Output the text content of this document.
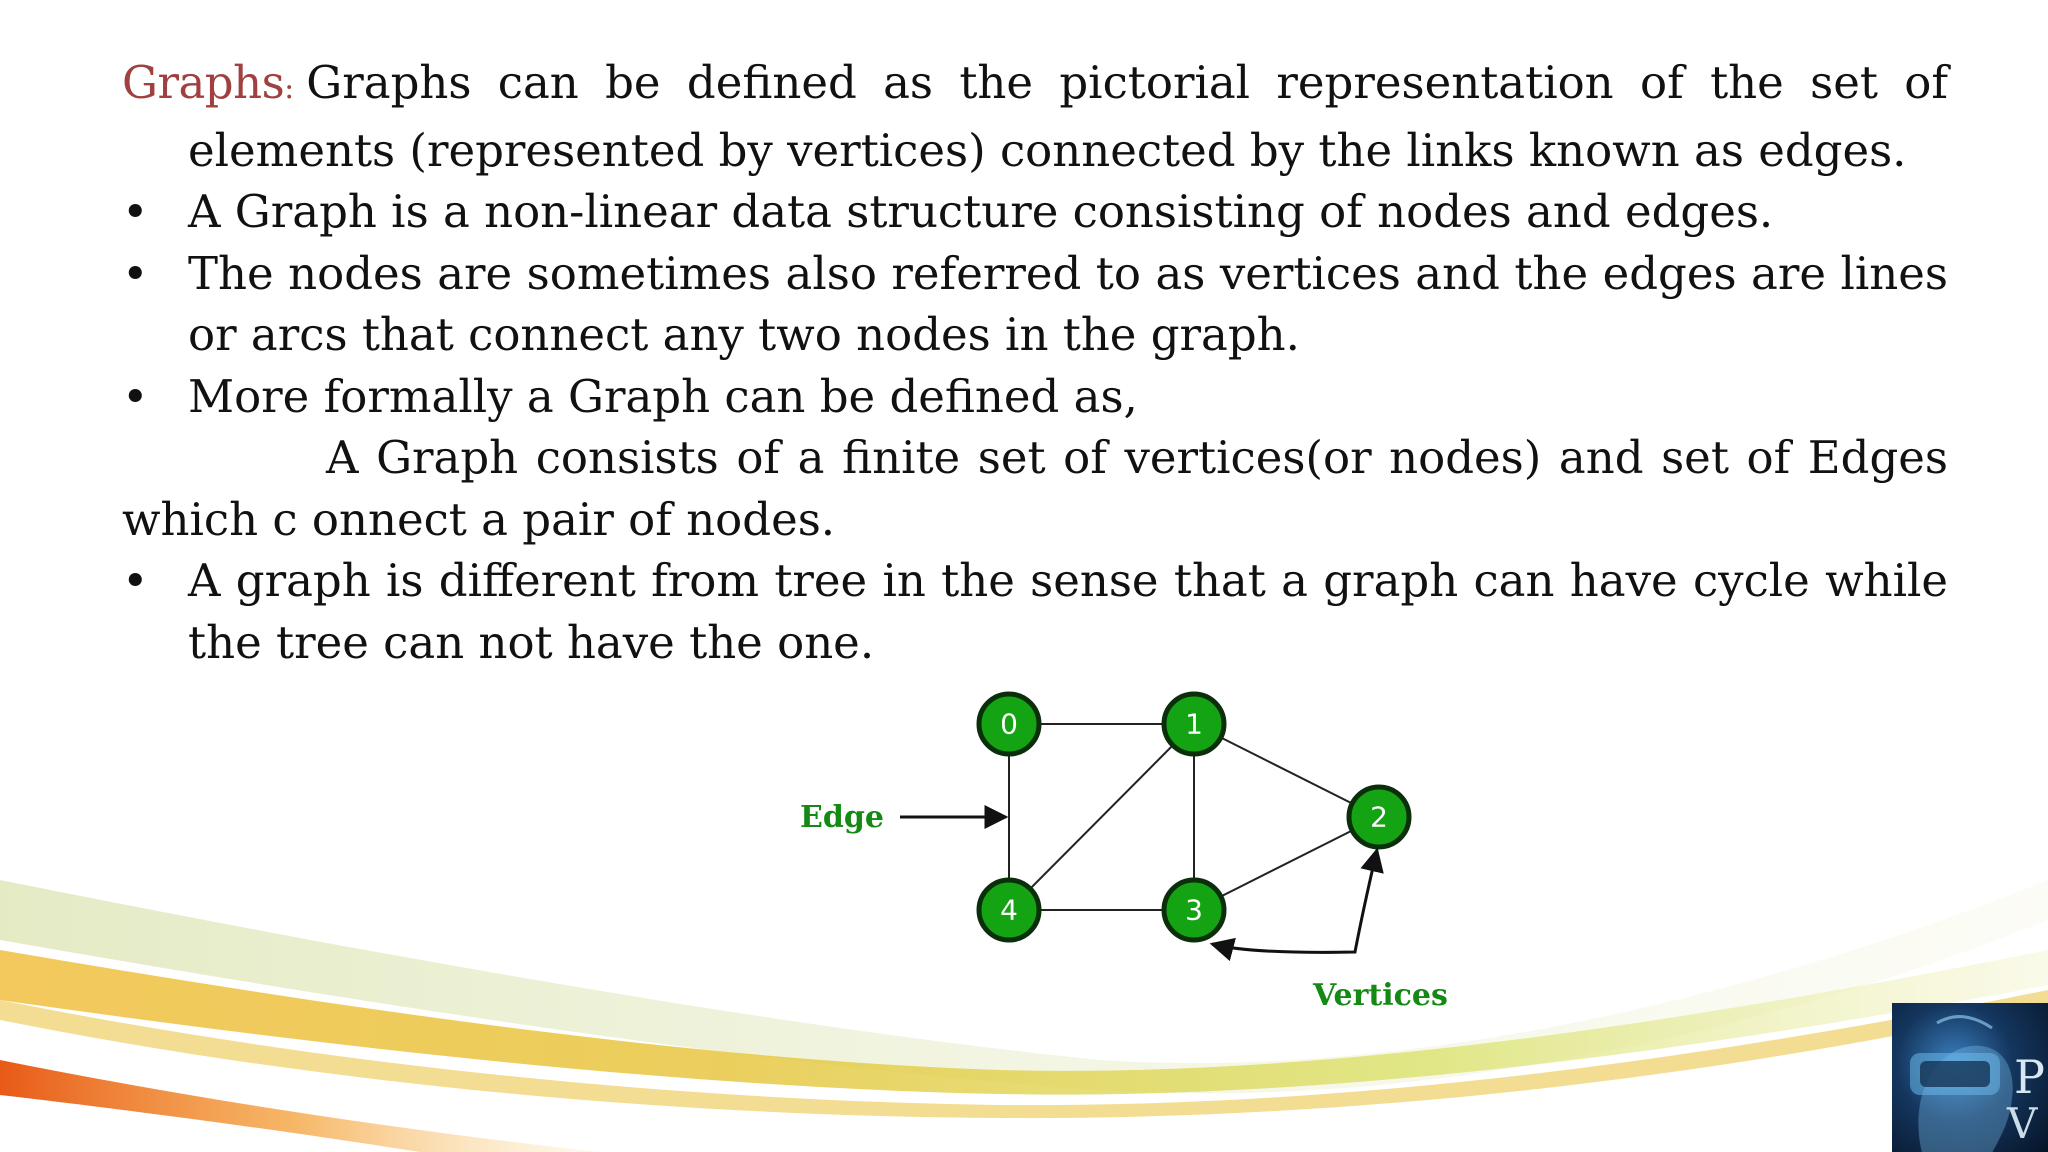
Graphs: Graphs can be defined as the pictorial representation of the set of elements (represented by vertices) connected by the links known as edges.

• A Graph is a non-linear data structure consisting of nodes and edges.
• The nodes are sometimes also referred to as vertices and the edges are lines or arcs that connect any two nodes in the graph.
• More formally a Graph can be defined as,

A Graph consists of a finite set of vertices(or nodes) and set of Edges which c onnect a pair of nodes.

• A graph is different from tree in the sense that a graph can have cycle while the tree can not have the one.
0	1
2
3
4
Edge
Vertices
P
V
